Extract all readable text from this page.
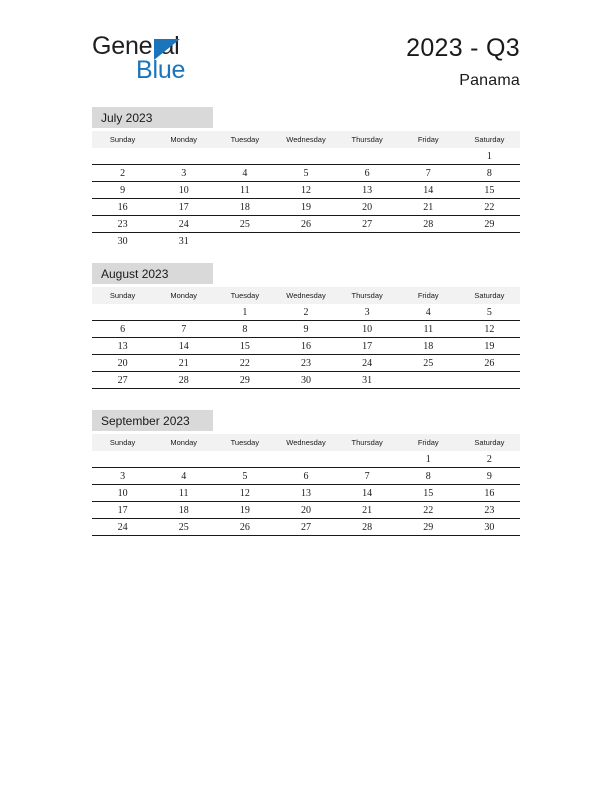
General
Blue
2023 - Q3
Panama
July 2023
Sunday	Monday	Tuesday	Wednesday	Thursday	Friday	Saturday
						1
2	3	4	5	6	7	8
9	10	11	12	13	14	15
16	17	18	19	20	21	22
23	24	25	26	27	28	29
30	31					
August 2023
Sunday	Monday	Tuesday	Wednesday	Thursday	Friday	Saturday
		1	2	3	4	5
6	7	8	9	10	11	12
13	14	15	16	17	18	19
20	21	22	23	24	25	26
27	28	29	30	31		
September 2023
Sunday	Monday	Tuesday	Wednesday	Thursday	Friday	Saturday
					1	2
3	4	5	6	7	8	9
10	11	12	13	14	15	16
17	18	19	20	21	22	23
24	25	26	27	28	29	30
